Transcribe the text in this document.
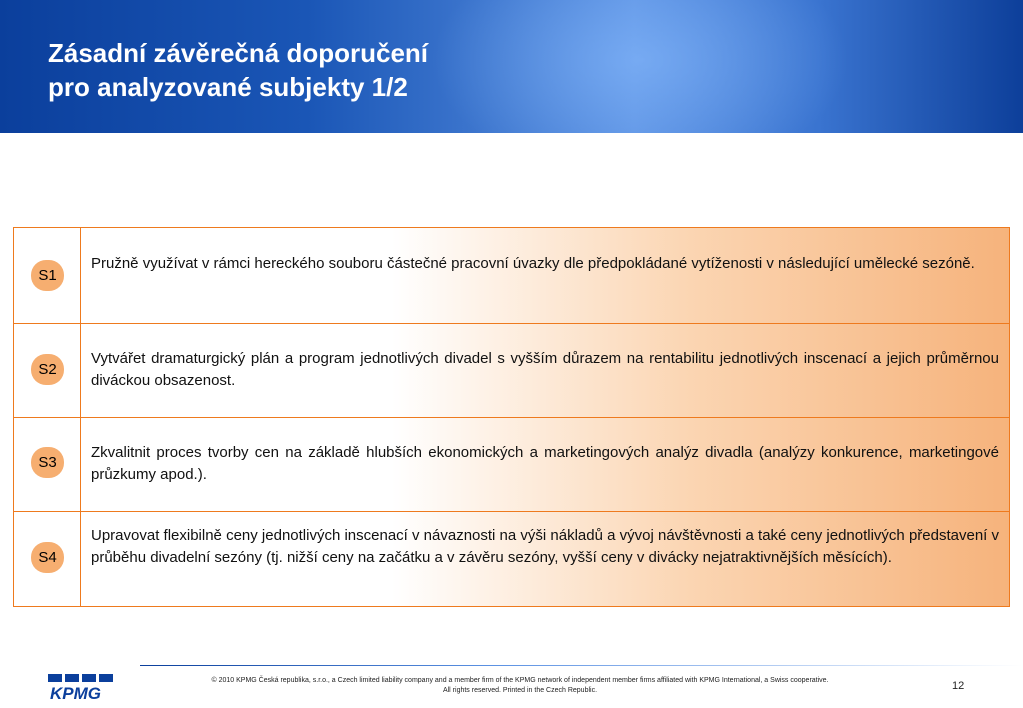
Zásadní závěrečná doporučení
pro analyzované subjekty 1/2
S1

Pružně využívat v rámci hereckého souboru částečné pracovní úvazky dle předpokládané vytíženosti v následující umělecké sezóně.

S2

Vytvářet dramaturgický plán a program jednotlivých divadel s vyšším důrazem na rentabilitu jednotlivých inscenací a jejich průměrnou diváckou obsazenost.

S3

Zkvalitnit proces tvorby cen na základě hlubších ekonomických a marketingových analýz divadla (analýzy konkurence, marketingové průzkumy apod.).

S4

Upravovat flexibilně ceny jednotlivých inscenací v návaznosti na výši nákladů a vývoj návštěvnosti a také ceny jednotlivých představení v průběhu divadelní sezóny (tj. nižší ceny na začátku a v závěru sezóny, vyšší ceny v divácky nejatraktivnějších měsících).

KPMG

© 2010 KPMG Česká republika, s.r.o., a Czech limited liability company and a member firm of the KPMG network of independent member firms affiliated with KPMG International, a Swiss cooperative.
All rights reserved. Printed in the Czech Republic.	12
